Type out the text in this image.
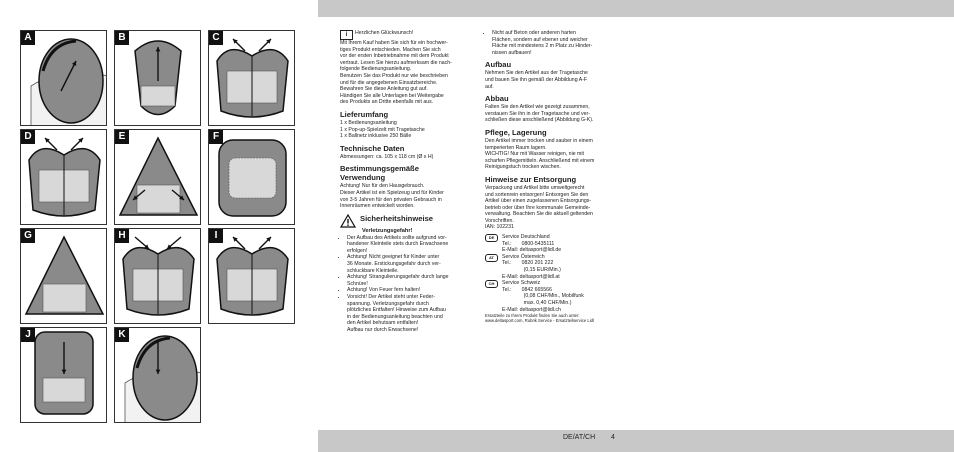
A	B	C
D	E	F
G	H	I
J	K
i	Herzlichen Glückwunsch!
Mit Ihrem Kauf haben Sie sich für ein hochwer-
tiges Produkt entschieden. Machen Sie sich
vor der ersten Inbetriebnahme mit dem Produkt
vertraut. Lesen Sie hierzu aufmerksam die nach-
folgende Bedienungsanleitung.
Benutzen Sie das Produkt nur wie beschrieben
und für die angegebenen Einsatzbereiche.
Bewahren Sie diese Anleitung gut auf.
Händigen Sie alle Unterlagen bei Weitergabe
des Produkts an Dritte ebenfalls mit aus.
Lieferumfang
1 x Bedienungsanleitung
1 x Pop-up-Spielzelt mit Tragetasche
1 x Ballnetz inklusive 250 Bälle
Technische Daten
Abmessungen: ca. 105 x 118 cm (Ø x H)
Bestimmungsgemäße
Verwendung
Achtung! Nur für den Hausgebrauch.
Dieser Artikel ist ein Spielzeug und für Kinder
von 3-5 Jahren für den privaten Gebrauch in
Innenräumen entwickelt worden.
Sicherheitshinweise
Verletzungsgefahr!
• Der Aufbau des Artikels sollte aufgrund vor-
handener Kleinteile stets durch Erwachsene
erfolgen!
• Achtung! Nicht geeignet für Kinder unter
36 Monate. Erstickungsgefahr durch ver-
schluckbare Kleinteile.
• Achtung! Strangulierungsgefahr durch lange
Schnüre!
• Achtung! Von Feuer fern halten!
• Vorsicht! Der Artikel steht unter Feder-
spannung. Verletzungsgefahr durch
plötzliches Entfalten! Hinweise zum Aufbau
in der Bedienungsanleitung beachten und
den Artikel behutsam entfalten!
Aufbau nur durch Erwachsene!
• Nicht auf Beton oder anderen harten
Flächen, sondern auf ebener und weicher
Fläche mit mindestens 2 m Platz zu Hinder-
nissen aufbauen!
Aufbau
Nehmen Sie den Artikel aus der Tragetasche
und bauen Sie ihn gemäß der Abbildung A-F
auf.
Abbau
Falten Sie den Artikel wie gezeigt zusammen,
verstauen Sie ihn in der Tragetasche und ver-
schließen diese anschließend (Abbildung G-K).
Pflege, Lagerung
Den Artikel immer trocken und sauber in einem
temperierten Raum lagern.
WICHTIG! Nur mit Wasser reinigen, nie mit
scharfen Pflegemitteln. Anschließend mit einem
Reinigungstuch trocken wischen.
Hinweise zur Entsorgung
Verpackung und Artikel bitte umweltgerecht
und sortenrein entsorgen! Entsorgen Sie den
Artikel über einen zugelassenen Entsorgungs-
betrieb oder über Ihre kommunale Gemeinde-
verwaltung. Beachten Sie die aktuell geltenden
Vorschriften.
IAN: 102231
DE	Service Deutschland
Tel.:       0800-5435111
E-Mail: deltasport@lidl.de
AT	Service Österreich
Tel.:       0820 201 222
(0,15 EUR/Min.)
E-Mail: deltasport@lidl.at
CH	Service Schweiz
Tel.:       0842 665566
(0,08 CHF/Min., Mobilfunk
max. 0,40 CHF/Min.)
E-Mail: deltasport@lidl.ch
Ersatzteile zu Ihrem Produkt finden Sie auch unter:
www.deltasport.com, Rubrik Service - Ersatzteilservice Lidl
DE/AT/CH 4
